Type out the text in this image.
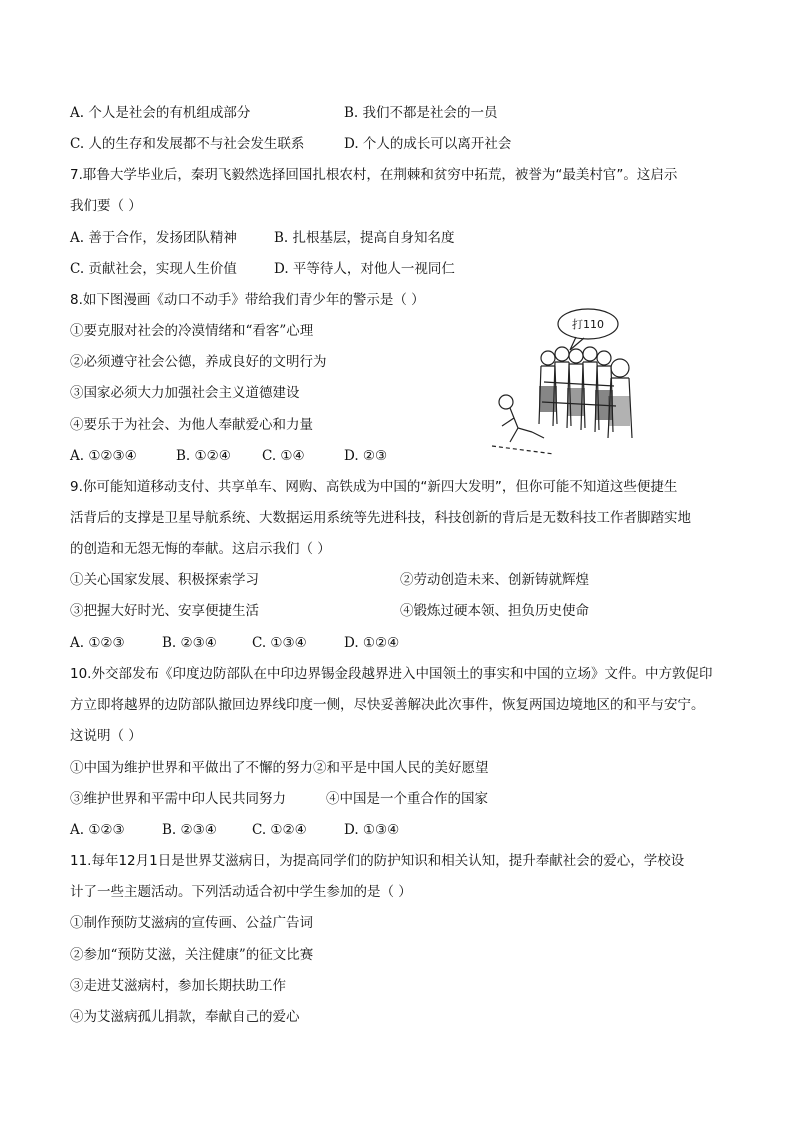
A. 个人是社会的有机组成部分	B. 我们不都是社会的一员
C. 人的生存和发展都不与社会发生联系	D. 个人的成长可以离开社会
7.耶鲁大学毕业后，秦玥飞毅然选择回国扎根农村，在荆棘和贫穷中拓荒，被誉为“最美村官”。这启示
我们要（ ）
A. 善于合作，发扬团队精神	B. 扎根基层，提高自身知名度
C. 贡献社会，实现人生价值	D. 平等待人，对他人一视同仁
8.如下图漫画《动口不动手》带给我们青少年的警示是（ ）
①要克服对社会的冷漠情绪和“看客”心理
②必须遵守社会公德，养成良好的文明行为
③国家必须大力加强社会主义道德建设
④要乐于为社会、为他人奉献爱心和力量
A. ①②③④	B. ①②④ C. ①④	D. ②③
打110
9.你可能知道移动支付、共享单车、网购、高铁成为中国的“新四大发明”，但你可能不知道这些便捷生
活背后的支撑是卫星导航系统、大数据运用系统等先进科技，科技创新的背后是无数科技工作者脚踏实地
的创造和无怨无悔的奉献。这启示我们（ ）
①关心国家发展、积极探索学习	②劳动创造未来、创新铸就辉煌
③把握大好时光、安享便捷生活	④锻炼过硬本领、担负历史使命
A. ①②③	B. ②③④	C. ①③④	D. ①②④
10.外交部发布《印度边防部队在中印边界锡金段越界进入中国领土的事实和中国的立场》文件。中方敦促印
方立即将越界的边防部队撤回边界线印度一侧，尽快妥善解决此次事件，恢复两国边境地区的和平与安宁。
这说明（ ）
①中国为维护世界和平做出了不懈的努力②和平是中国人民的美好愿望
③维护世界和平需中印人民共同努力	④中国是一个重合作的国家
A. ①②③	B. ②③④	C. ①②④	D. ①③④
11.每年12月1日是世界艾滋病日，为提高同学们的防护知识和相关认知，提升奉献社会的爱心，学校设
计了一些主题活动。下列活动适合初中学生参加的是（ ）
①制作预防艾滋病的宣传画、公益广告词
②参加“预防艾滋，关注健康”的征文比赛
③走进艾滋病村，参加长期扶助工作
④为艾滋病孤儿捐款，奉献自己的爱心
